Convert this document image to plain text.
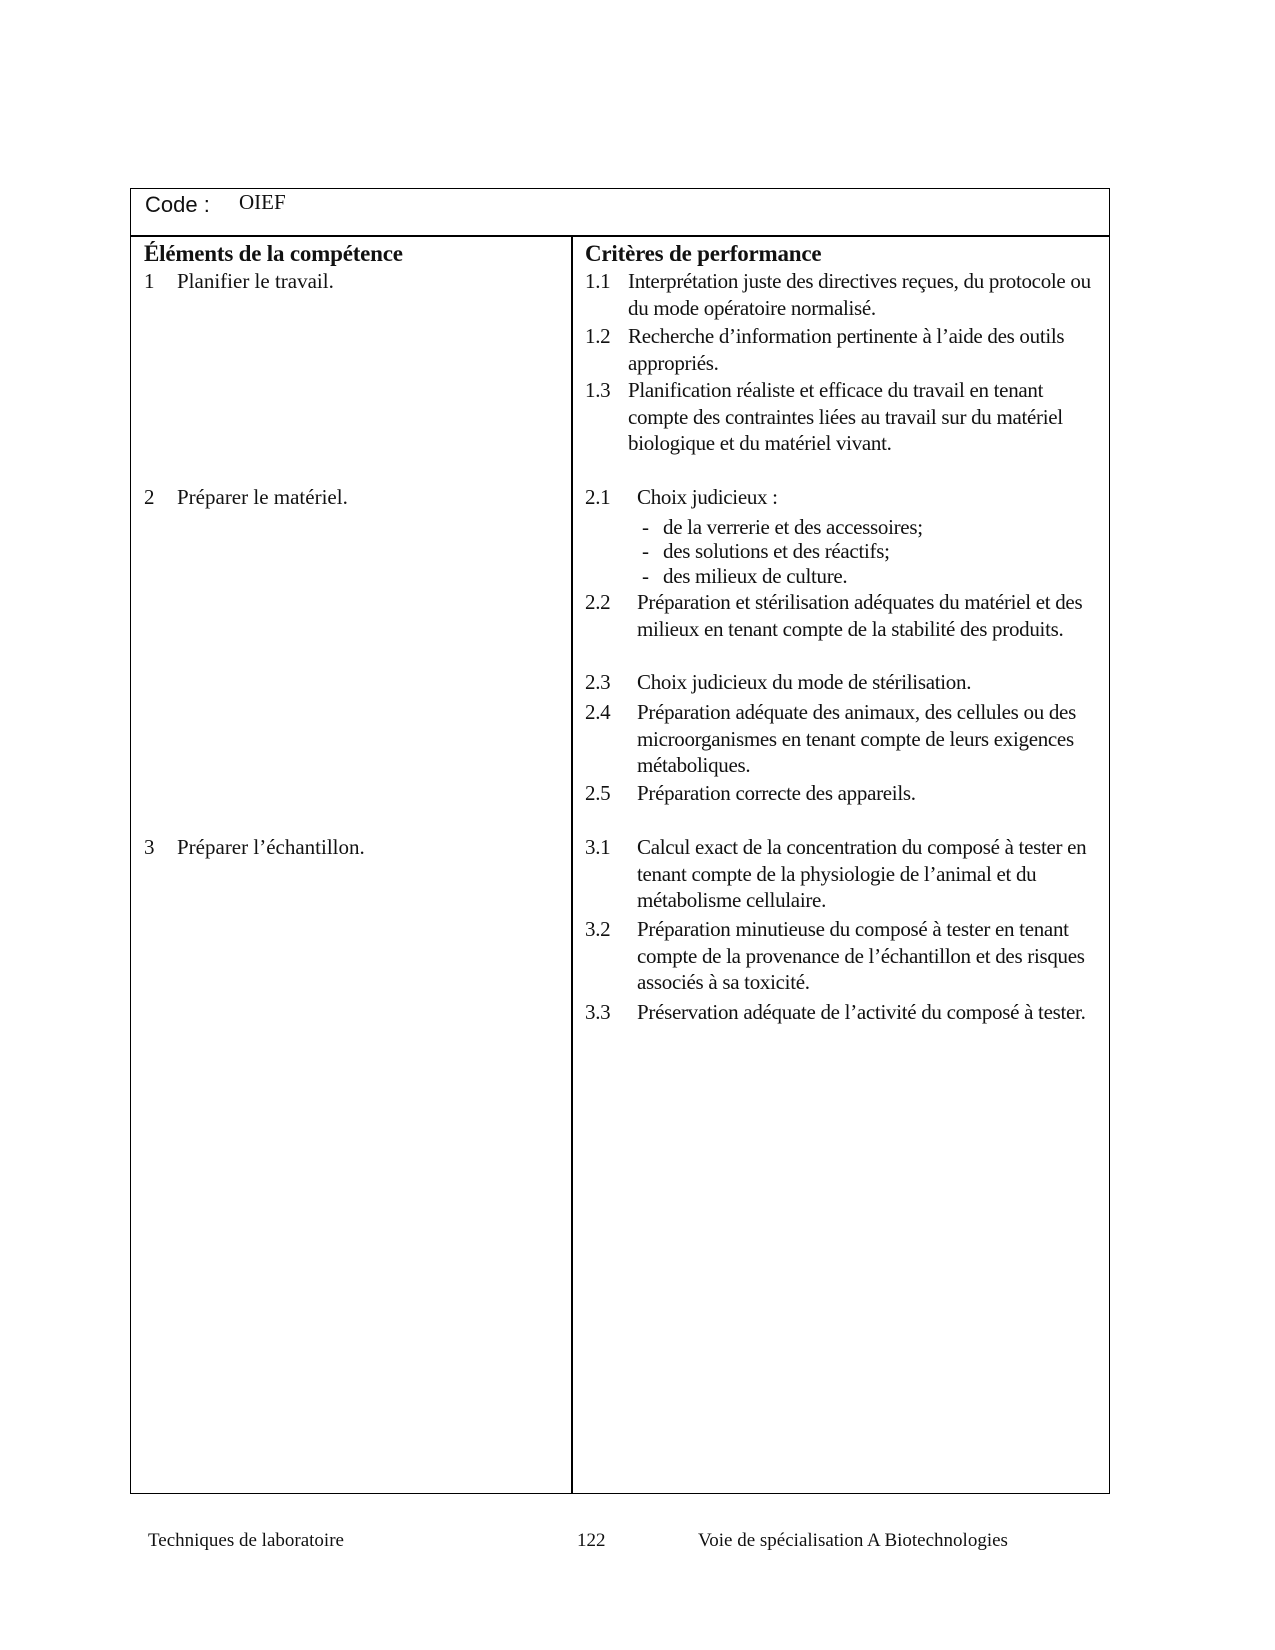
Code : OIEF
Éléments de la compétence
1 Planifier le travail.
2 Préparer le matériel.
3 Préparer l’échantillon.
Critères de performance
1.1 Interprétation juste des directives reçues, du protocole ou du mode opératoire normalisé.
1.2 Recherche d’information pertinente à l’aide des outils appropriés.
1.3 Planification réaliste et efficace du travail en tenant compte des contraintes liées au travail sur du matériel biologique et du matériel vivant.
2.1 Choix judicieux :
- de la verrerie et des accessoires;
- des solutions et des réactifs;
- des milieux de culture.
2.2 Préparation et stérilisation adéquates du matériel et des milieux en tenant compte de la stabilité des produits.
2.3 Choix judicieux du mode de stérilisation.
2.4 Préparation adéquate des animaux, des cellules ou des microorganismes en tenant compte de leurs exigences métaboliques.
2.5 Préparation correcte des appareils.
3.1 Calcul exact de la concentration du composé à tester en tenant compte de la physiologie de l’animal et du métabolisme cellulaire.
3.2 Préparation minutieuse du composé à tester en tenant compte de la provenance de l’échantillon et des risques associés à sa toxicité.
3.3 Préservation adéquate de l’activité du composé à tester.
Techniques de laboratoire	122	Voie de spécialisation A Biotechnologies
